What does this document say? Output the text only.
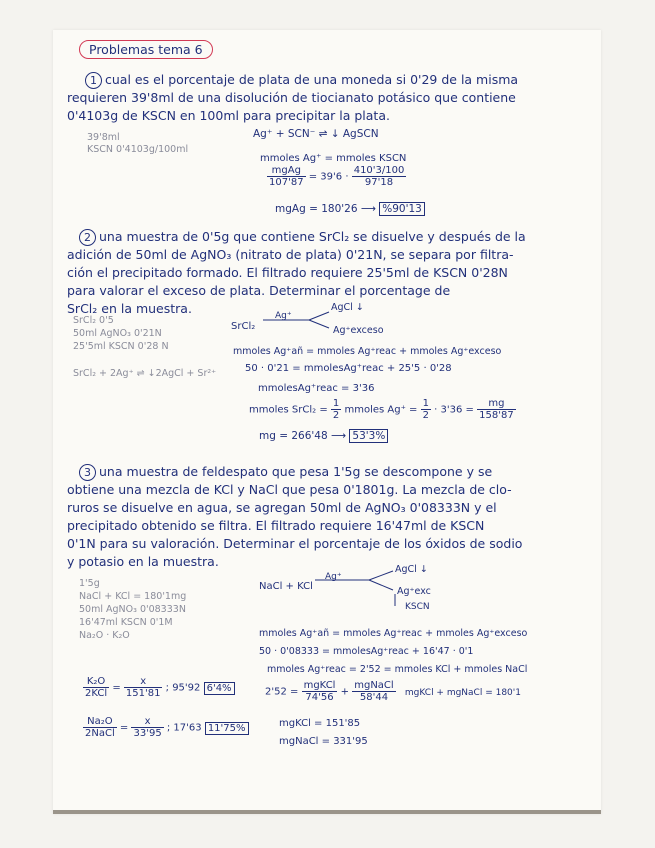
Problemas tema 6
1 cual es el porcentaje de plata de una moneda si 0'29 de la misma
requieren 39'8ml de una disolución de tiocianato potásico que contiene
0'4103g de KSCN en 100ml para precipitar la plata.
39'8ml
KSCN 0'4103g/100ml
Ag⁺ + SCN⁻ ⇌ ↓ AgSCN
mmoles Ag⁺ = mmoles KSCN
$\frac{\text{mgAg}}{107'87} = 39'6 \cdot \frac{410'3/100}{97'18}$
mgAg = 180'26 ⟶ %90'13
2 una muestra de 0'5g que contiene SrCl₂ se disuelve y después de la
adición de 50ml de AgNO₃ (nitrato de plata) 0'21N, se separa por filtra-
ción el precipitado formado. El filtrado requiere 25'5ml de KSCN 0'28N
para valorar el exceso de plata. Determinar el porcentage de
SrCl₂ en la muestra.
SrCl₂ 0'5
50ml AgNO₃ 0'21N
25'5ml KSCN 0'28 N
SrCl₂
Ag⁺
AgCl ↓
Ag⁺exceso
mmoles Ag⁺añ = mmoles Ag⁺reac + mmoles Ag⁺exceso
SrCl₂ + 2Ag⁺ ⇌ ↓2AgCl + Sr²⁺	50 · 0'21 = mmolesAg⁺reac + 25'5 · 0'28
mmolesAg⁺reac = 3'36
mmoles SrCl₂ = $\frac{1}{2}$ mmoles $Ag^+ = \frac{1}{2} \cdot 3'36 = \frac{mg}{158'87}$
mg = 266'48 ⟶ 53'3%
3 una muestra de feldespato que pesa 1'5g se descompone y se
obtiene una mezcla de KCl y NaCl que pesa 0'1801g. La mezcla de clo-
ruros se disuelve en agua, se agregan 50ml de AgNO₃ 0'08333N y el
precipitado obtenido se filtra. El filtrado requiere 16'47ml de KSCN
0'1N para su valoración. Determinar el porcentaje de los óxidos de sodio
y potasio en la muestra.
1'5g
NaCl + KCl = 180'1mg
50ml AgNO₃ 0'08333N
16'47ml KSCN 0'1M
Na₂O · K₂O
NaCl + KCl
Ag⁺
AgCl ↓
Ag⁺exc
KSCN
mmoles Ag⁺añ = mmoles Ag⁺reac + mmoles Ag⁺exceso
50 · 0'08333 = mmolesAg⁺reac + 16'47 · 0'1
mmoles Ag⁺reac = 2'52 = mmoles KCl + mmoles NaCl
$2'52 = \frac{\text{mgKCl}}{74'56} + \frac{\text{mgNaCl}}{58'44}$ mgKCl + mgNaCl = 180'1
mgKCl = 151'85
mgNaCl = 331'95
$\frac{\text{K₂O}}{\text{2KCl}} = \frac{x}{151'81}$ ; 95'92 6'4%
$\frac{\text{Na₂O}}{\text{2NaCl}} = \frac{x}{33'95}$ ; 17'63 11'75%
